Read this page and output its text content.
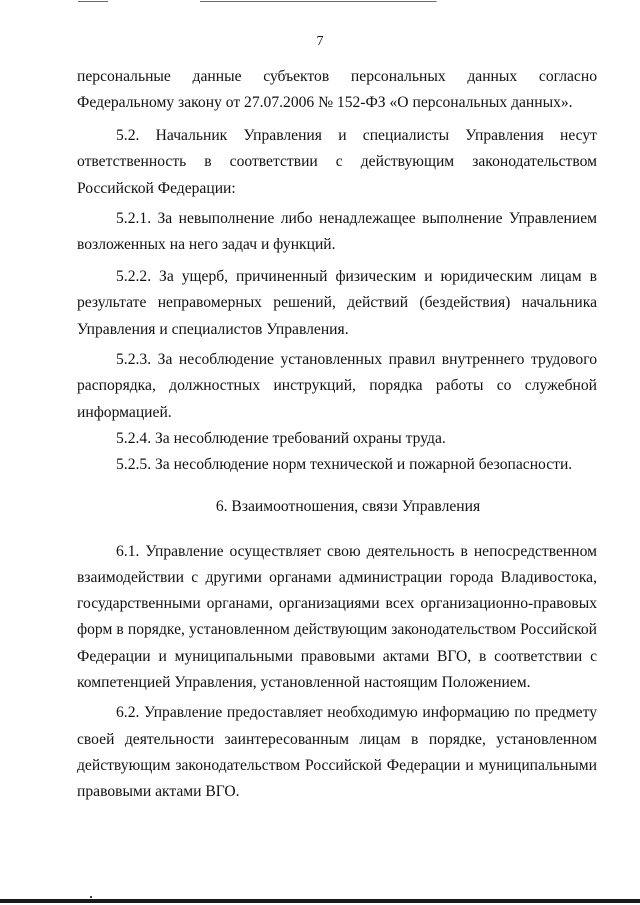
7

персональные данные субъектов персональных данных согласно Федеральному закону от 27.07.2006 № 152-ФЗ «О персональных данных».

5.2. Начальник Управления и специалисты Управления несут ответственность в соответствии с действующим законодательством Российской Федерации:

5.2.1. За невыполнение либо ненадлежащее выполнение Управлением возложенных на него задач и функций.

5.2.2. За ущерб, причиненный физическим и юридическим лицам в результате неправомерных решений, действий (бездействия) начальника Управления и специалистов Управления.

5.2.3. За несоблюдение установленных правил внутреннего трудового распорядка, должностных инструкций, порядка работы со служебной информацией.

5.2.4. За несоблюдение требований охраны труда.

5.2.5. За несоблюдение норм технической и пожарной безопасности.

6. Взаимоотношения, связи Управления

6.1. Управление осуществляет свою деятельность в непосредственном взаимодействии с другими органами администрации города Владивостока, государственными органами, организациями всех организационно-правовых форм в порядке, установленном действующим законодательством Российской Федерации и муниципальными правовыми актами ВГО, в соответствии с компетенцией Управления, установленной настоящим Положением.

6.2. Управление предоставляет необходимую информацию по предмету своей деятельности заинтересованным лицам в порядке, установленном действующим законодательством Российской Федерации и муниципальными правовыми актами ВГО.
